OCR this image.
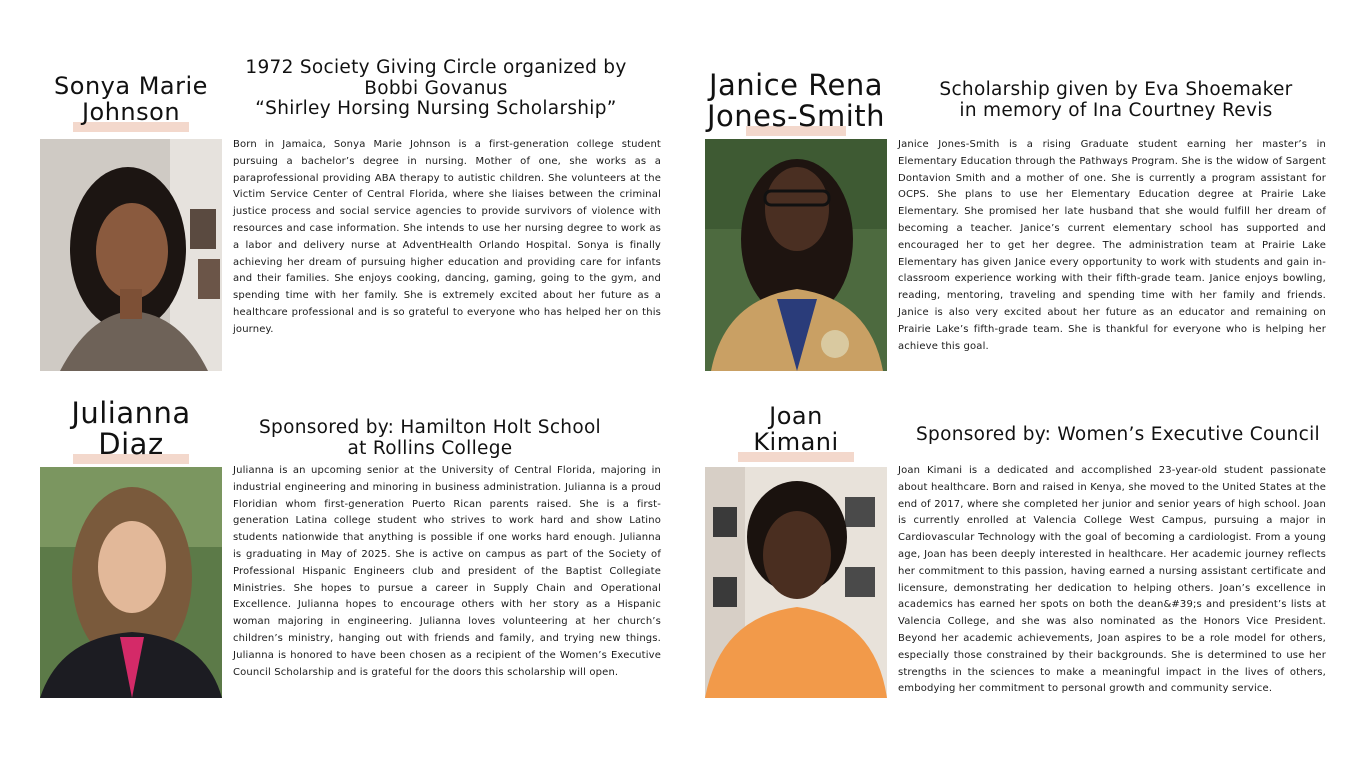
Sonya Marie
Johnson
1972 Society Giving Circle organized by
Bobbi Govanus
“Shirley Horsing Nursing Scholarship”
Born in Jamaica, Sonya Marie Johnson is a first-generation college student pursuing a bachelor’s degree in nursing. Mother of one, she works as a paraprofessional providing ABA therapy to autistic children. She volunteers at the Victim Service Center of Central Florida, where she liaises between the criminal justice process and social service agencies to provide survivors of violence with resources and case information. She intends to use her nursing degree to work as a labor and delivery nurse at AdventHealth Orlando Hospital. Sonya is finally achieving her dream of pursuing higher education and providing care for infants and their families. She enjoys cooking, dancing, gaming, going to the gym, and spending time with her family. She is extremely excited about her future as a healthcare professional and is so grateful to everyone who has helped her on this journey.
Janice Rena
Jones-Smith
Scholarship given by Eva Shoemaker
in memory of Ina Courtney Revis
Janice Jones-Smith is a rising Graduate student earning her master’s in Elementary Education through the Pathways Program. She is the widow of Sargent Dontavion Smith and a mother of one. She is currently a program assistant for OCPS. She plans to use her Elementary Education degree at Prairie Lake Elementary. She promised her late husband that she would fulfill her dream of becoming a teacher. Janice’s current elementary school has supported and encouraged her to get her degree. The administration team at Prairie Lake Elementary has given Janice every opportunity to work with students and gain in-classroom experience working with their fifth-grade team. Janice enjoys bowling, reading, mentoring, traveling and spending time with her family and friends. Janice is also very excited about her future as an educator and remaining on Prairie Lake’s fifth-grade team. She is thankful for everyone who is helping her achieve this goal.
Julianna
Diaz	Sponsored by: Hamilton Holt School
at Rollins College
Julianna is an upcoming senior at the University of Central Florida, majoring in industrial engineering and minoring in business administration. Julianna is a proud Floridian whom first-generation Puerto Rican parents raised. She is a first-generation Latina college student who strives to work hard and show Latino students nationwide that anything is possible if one works hard enough. Julianna is graduating in May of 2025. She is active on campus as part of the Society of Professional Hispanic Engineers club and president of the Baptist Collegiate Ministries. She hopes to pursue a career in Supply Chain and Operational Excellence. Julianna hopes to encourage others with her story as a Hispanic woman majoring in engineering. Julianna loves volunteering at her church’s children’s ministry, hanging out with friends and family, and trying new things. Julianna is honored to have been chosen as a recipient of the Women’s Executive Council Scholarship and is grateful for the doors this scholarship will open.
Joan
Kimani	Sponsored by: Women’s Executive Council
Joan Kimani is a dedicated and accomplished 23-year-old student passionate about healthcare. Born and raised in Kenya, she moved to the United States at the end of 2017, where she completed her junior and senior years of high school. Joan is currently enrolled at Valencia College West Campus, pursuing a major in Cardiovascular Technology with the goal of becoming a cardiologist. From a young age, Joan has been deeply interested in healthcare. Her academic journey reflects her commitment to this passion, having earned a nursing assistant certificate and licensure, demonstrating her dedication to helping others. Joan’s excellence in academics has earned her spots on both the dean&#39;s and president’s lists at Valencia College, and she was also nominated as the Honors Vice President. Beyond her academic achievements, Joan aspires to be a role model for others, especially those constrained by their backgrounds. She is determined to use her strengths in the sciences to make a meaningful impact in the lives of others, embodying her commitment to personal growth and community service.
